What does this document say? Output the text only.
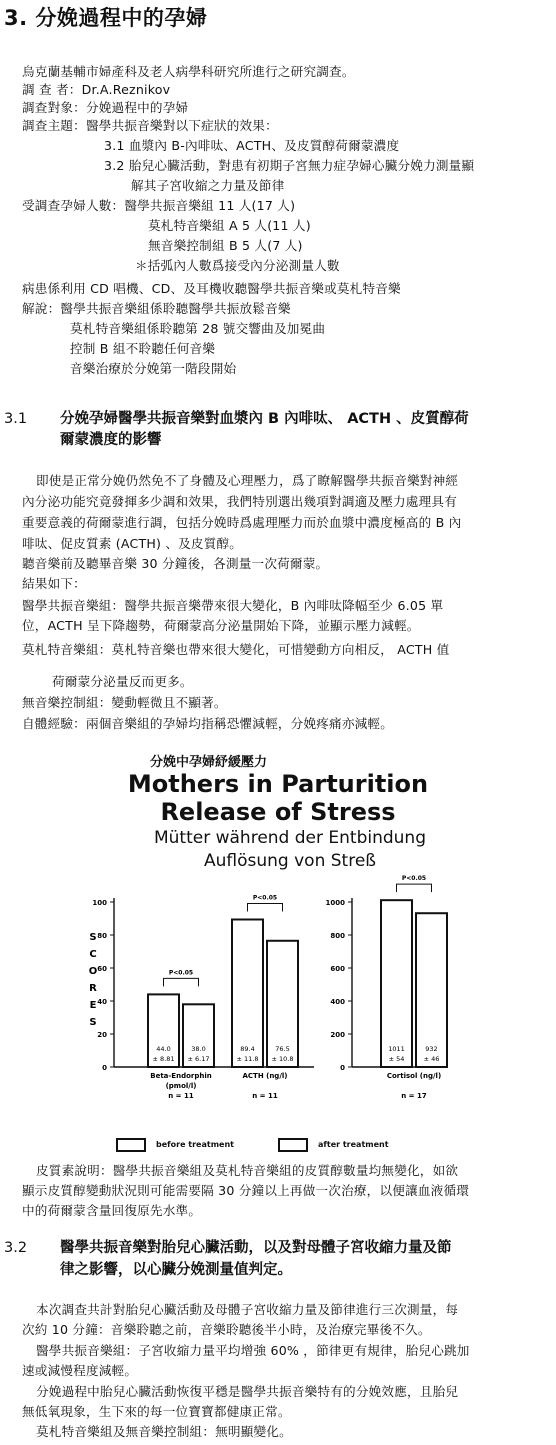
3. 分娩過程中的孕婦
烏克蘭基輔市婦產科及老人病學科研究所進行之研究調查。
調 查 者：Dr.A.Reznikov
調查對象：分娩過程中的孕婦
調查主題：醫學共振音樂對以下症狀的效果：
3.1 血漿內 B-內啡呔、ACTH、及皮質醇荷爾蒙濃度
3.2 胎兒心臟活動，對患有初期子宮無力症孕婦心臟分娩力測量顯
解其子宮收縮之力量及節律
受調查孕婦人數：醫學共振音樂組 11 人(17 人)
莫札特音樂組 A 5 人(11 人)
無音樂控制組 B 5 人(7 人)
＊括弧內人數爲接受內分泌測量人數
病患係利用 CD 唱機、CD、及耳機收聽醫學共振音樂或莫札特音樂
解說：醫學共振音樂組係聆聽醫學共振放鬆音樂
莫札特音樂組係聆聽第 28 號交響曲及加冕曲
控制 B 組不聆聽任何音樂
音樂治療於分娩第一階段開始
3.1 分娩孕婦醫學共振音樂對血漿內 B 內啡呔、 ACTH 、皮質醇荷
爾蒙濃度的影響
即使是正常分娩仍然免不了身體及心理壓力，爲了瞭解醫學共振音樂對神經
內分泌功能究竟發揮多少調和效果，我們特別選出幾項對調適及壓力處理具有
重要意義的荷爾蒙進行調，包括分娩時爲處理壓力而於血漿中濃度極高的 B 內
啡呔、促皮質素 (ACTH) 、及皮質醇。
聽音樂前及聽畢音樂 30 分鐘後，各測量一次荷爾蒙。
結果如下：
醫學共振音樂組：醫學共振音樂帶來很大變化，B 內啡呔降幅至少 6.05 單
位，ACTH 呈下降趨勢，荷爾蒙高分泌量開始下降，並顯示壓力減輕。
莫札特音樂組：莫札特音樂也帶來很大變化，可惜變動方向相反， ACTH 值
荷爾蒙分泌量反而更多。
無音樂控制組：變動輕微且不顯著。
自體經驗：兩個音樂組的孕婦均指稱恐懼減輕，分娩疼痛亦減輕。
分娩中孕婦紓緩壓力
Mothers in Parturition
Release of Stress
Mütter während der Entbindung
Auflösung von Streß
0
20
40
60
80
100
S
C
O
R
E
S
44.0
± 8.81
38.0
± 6.17
P<0.05
Beta-Endorphin
(pmol/l)
n = 11
89.4
± 11.8
76.5
± 10.8
P<0.05
ACTH (ng/l)
n = 11
0
200
400
600
800
1000
1011
± 54
932
± 46
P<0.05
Cortisol (ng/l)
n = 17
before treatment	after treatment
皮質素說明：醫學共振音樂組及莫札特音樂組的皮質醇數量均無變化，如欲
顯示皮質醇變動狀況則可能需要隔 30 分鐘以上再做一次治療，以便讓血液循環
中的荷爾蒙含量回復原先水準。
3.2 醫學共振音樂對胎兒心臟活動，以及對母體子宮收縮力量及節
律之影響，以心臟分娩測量值判定。
本次調查共計對胎兒心臟活動及母體子宮收縮力量及節律進行三次測量，每
次約 10 分鐘：音樂聆聽之前，音樂聆聽後半小時，及治療完畢後不久。
醫學共振音樂組：子宮收縮力量平均增強 60% ，節律更有規律，胎兒心跳加
速或減慢程度減輕。
分娩過程中胎兒心臟活動恢復平穩是醫學共振音樂特有的分娩效應，且胎兒
無低氧現象，生下來的每一位寶寶都健康正常。
莫札特音樂組及無音樂控制組：無明顯變化。
